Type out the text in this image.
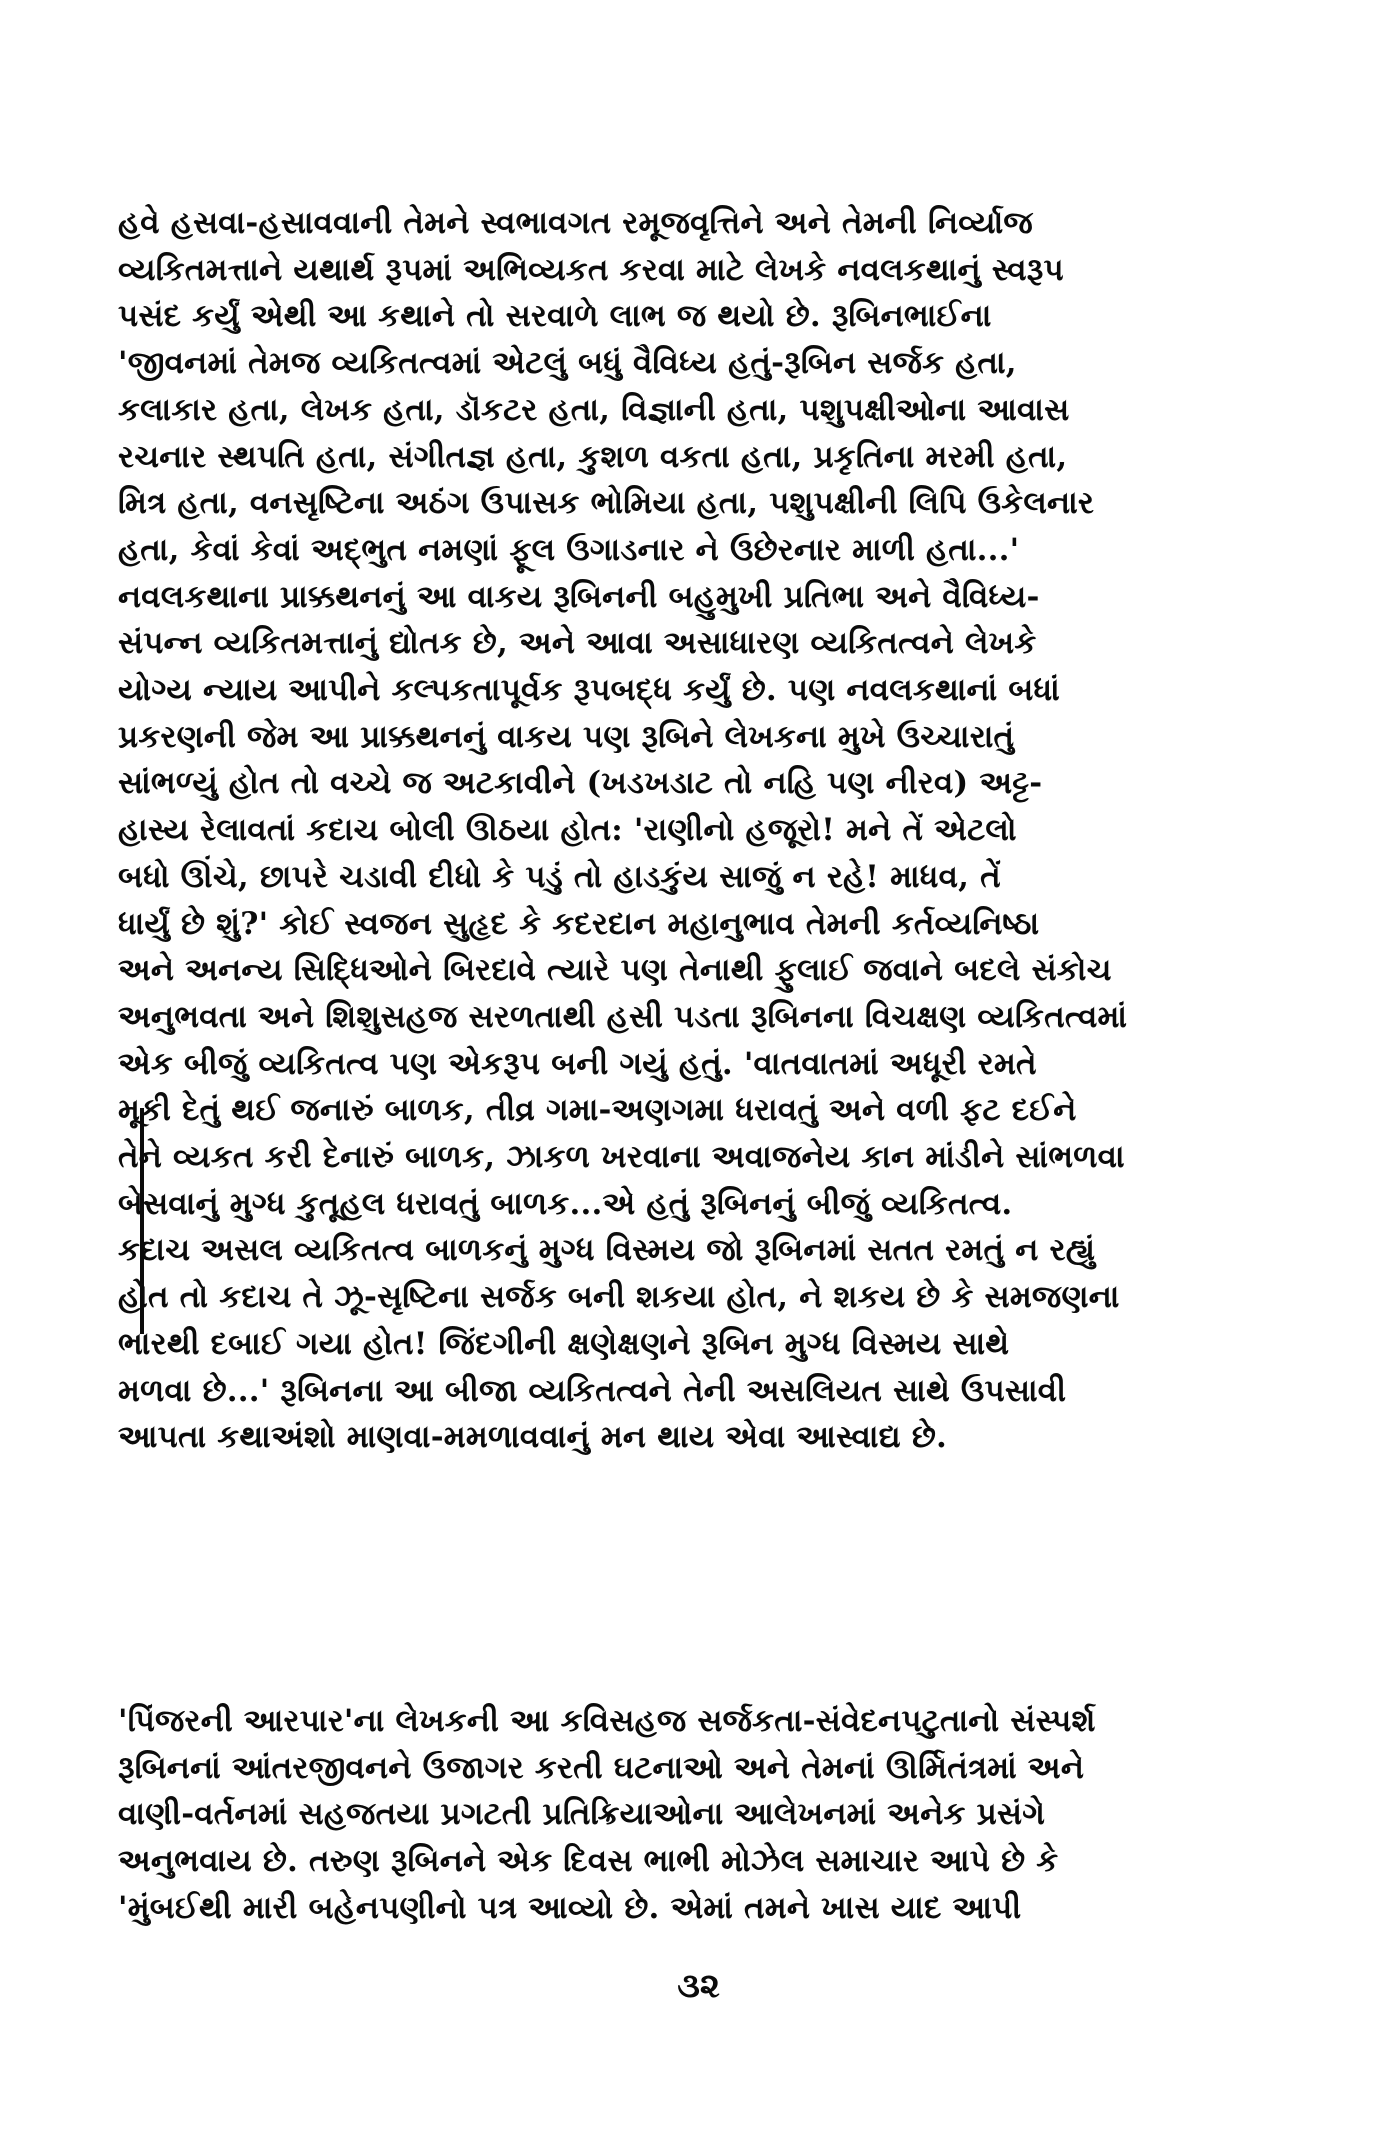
હવે હસવા-હસાવવાની તેમને સ્વભાવગત રમૂજવૃત્તિને અને તેમની નિર્વ્યાજ
વ્યકિતમત્તાને યથાર્થ રૂપમાં અભિવ્યકત કરવા માટે લેખકે નવલકથાનું સ્વરૂપ
પસંદ કર્યું એથી આ કથાને તો સરવાળે લાભ જ થયો છે. રૂબિનભાઈના
'જીવનમાં તેમજ વ્યકિતત્વમાં એટલું બધું વૈવિધ્ય હતું-રૂબિન સર્જક હતા,
કલાકાર હતા, લેખક હતા, ડૉકટર હતા, વિજ્ઞાની હતા, પશુપક્ષીઓના આવાસ
રચનાર સ્થપતિ હતા, સંગીતજ્ઞ હતા, કુશળ વકતા હતા, પ્રકૃતિના મરમી હતા,
મિત્ર હતા, વનસૃષ્ટિના અઠંગ ઉપાસક ભોમિયા હતા, પશુપક્ષીની લિપિ ઉકેલનાર
હતા, કેવાં કેવાં અદ્ભુત નમણાં ફૂલ ઉગાડનાર ને ઉછેરનાર માળી હતા...'
નવલકથાના પ્રાક્કથનનું આ વાકય રૂબિનની બહુમુખી પ્રતિભા અને વૈવિધ્ય-
સંપન્ન વ્યકિતમત્તાનું દ્યોતક છે, અને આવા અસાધારણ વ્યકિતત્વને લેખકે
યોગ્ય ન્યાય આપીને કલ્પકતાપૂર્વક રૂપબદ્ધ કર્યું છે. પણ નવલકથાનાં બધાં
પ્રકરણની જેમ આ પ્રાક્કથનનું વાકય પણ રૂબિને લેખકના મુખે ઉચ્ચારાતું
સાંભળ્યું હોત તો વચ્ચે જ અટકાવીને (ખડખડાટ તો નહિ પણ નીરવ) અટ્ટ-
હાસ્ય રેલાવતાં કદાચ બોલી ઊઠયા હોત: 'રાણીનો હજૂરો! મને તેં એટલો
બધો ઊંચે, છાપરે ચડાવી દીધો કે પડું તો હાડકુંય સાજું ન રહે! માધવ, તેં
ધાર્યું છે શું?' કોઈ સ્વજન સુહૃદ કે કદરદાન મહાનુભાવ તેમની કર્તવ્યનિષ્ઠા
અને અનન્ય સિદ્ધિઓને બિરદાવે ત્યારે પણ તેનાથી ફુલાઈ જવાને બદલે સંકોચ
અનુભવતા અને શિશુસહજ સરળતાથી હસી પડતા રૂબિનના વિચક્ષણ વ્યકિતત્વમાં
એક બીજું વ્યકિતત્વ પણ એકરૂપ બની ગયું હતું. 'વાતવાતમાં અધૂરી રમતે
મૂકી દેતું થઈ જનારું બાળક, તીવ્ર ગમા-અણગમા ધરાવતું અને વળી ફટ દઈને
તેને વ્યકત કરી દેનારું બાળક, ઝાકળ ખરવાના અવાજનેય કાન માંડીને સાંભળવા
બેસવાનું મુગ્ધ કુતૂહલ ધરાવતું બાળક...એ હતું રૂબિનનું બીજું વ્યકિતત્વ.
કદાચ અસલ વ્યકિતત્વ બાળકનું મુગ્ધ વિસ્મય જો રૂબિનમાં સતત રમતું ન રહ્યું
હોત તો કદાચ તે ઝૂ-સૃષ્ટિના સર્જક બની શકયા હોત, ને શકય છે કે સમજણના
ભારથી દબાઈ ગયા હોત! જિંદગીની ક્ષણેક્ષણને રૂબિન મુગ્ધ વિસ્મય સાથે
મળવા છે...' રૂબિનના આ બીજા વ્યકિતત્વને તેની અસલિયત સાથે ઉપસાવી
આપતા કથાઅંશો માણવા-મમળાવવાનું મન થાય એવા આસ્વાદ્ય છે.
'પિંજરની આરપાર'ના લેખકની આ કવિસહજ સર્જકતા-સંવેદનપટુતાનો સંસ્પર્શ
રૂબિનનાં આંતરજીવનને ઉજાગર કરતી ઘટનાઓ અને તેમનાં ઊર્મિતંત્રમાં અને
વાણી-વર્તનમાં સહજતયા પ્રગટતી પ્રતિક્રિયાઓના આલેખનમાં અનેક પ્રસંગે
અનુભવાય છે. તરુણ રૂબિનને એક દિવસ ભાભી મોઝેલ સમાચાર આપે છે કે
'મુંબઈથી મારી બહેનપણીનો પત્ર આવ્યો છે. એમાં તમને ખાસ યાદ આપી
૩૨
